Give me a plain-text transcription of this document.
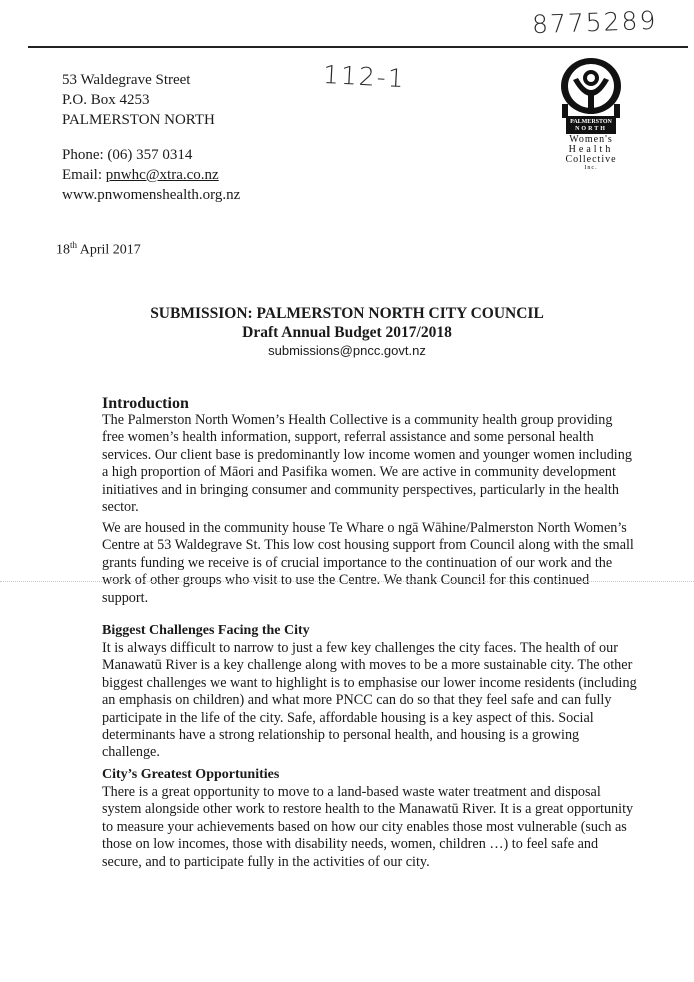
8775289
112-1
53 Waldegrave Street
P.O. Box 4253
PALMERSTON NORTH
Phone: (06) 357 0314
Email: pnwhc@xtra.co.nz
www.pnwomenshealth.org.nz
PALMERSTON
NORTH
Women's
Health
Collective
Inc.
18th April 2017
SUBMISSION: PALMERSTON NORTH CITY COUNCIL
Draft Annual Budget 2017/2018
submissions@pncc.govt.nz
Introduction

The Palmerston North Women’s Health Collective is a community health group providing

free women’s health information, support, referral assistance and some personal health

services. Our client base is predominantly low income women and younger women including

a high proportion of Māori and Pasifika women. We are active in community development

initiatives and in bringing consumer and community perspectives, particularly in the health

sector.

We are housed in the community house Te Whare o ngā Wāhine/Palmerston North Women’s

Centre at 53 Waldegrave St. This low cost housing support from Council along with the small

grants funding we receive is of crucial importance to the continuation of our work and the

work of other groups who visit to use the Centre. We thank Council for this continued

support.

Biggest Challenges Facing the City

It is always difficult to narrow to just a few key challenges the city faces. The health of our

Manawatū River is a key challenge along with moves to be a more sustainable city. The other

biggest challenges we want to highlight is to emphasise our lower income residents (including

an emphasis on children) and what more PNCC can do so that they feel safe and can fully

participate in the life of the city. Safe, affordable housing is a key aspect of this. Social

determinants have a strong relationship to personal health, and housing is a growing

challenge.

City’s Greatest Opportunities

There is a great opportunity to move to a land-based waste water treatment and disposal

system alongside other work to restore health to the Manawatū River. It is a great opportunity

to measure your achievements based on how our city enables those most vulnerable (such as

those on low incomes, those with disability needs, women, children …) to feel safe and

secure, and to participate fully in the activities of our city.
